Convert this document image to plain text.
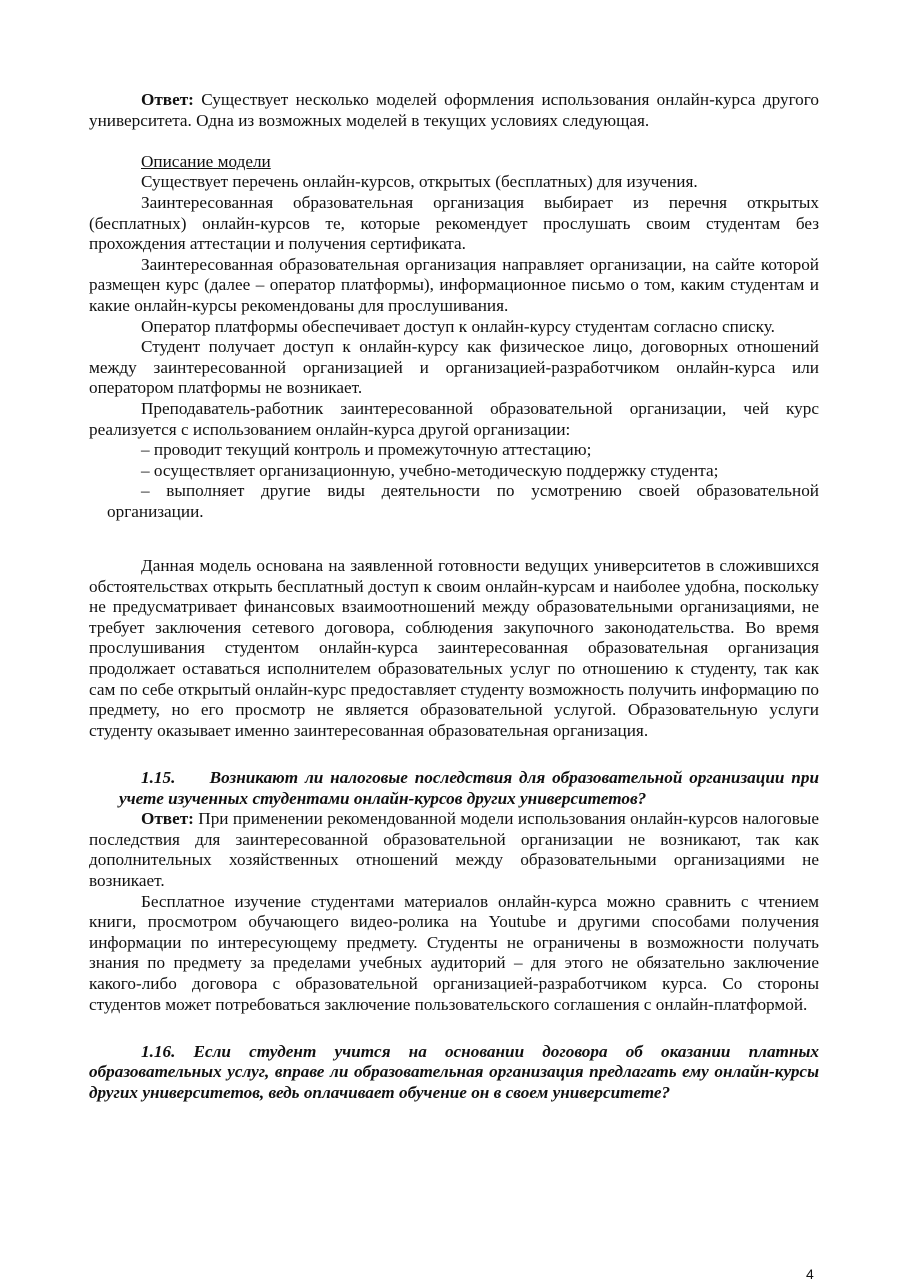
Ответ: Существует несколько моделей оформления использования онлайн-курса другого университета. Одна из возможных моделей в текущих условиях следующая.

Описание модели

Существует перечень онлайн-курсов, открытых (бесплатных) для изучения.

Заинтересованная образовательная организация выбирает из перечня открытых (бесплатных) онлайн-курсов те, которые рекомендует прослушать своим студентам без прохождения аттестации и получения сертификата.

Заинтересованная образовательная организация направляет организации, на сайте которой размещен курс (далее – оператор платформы), информационное письмо о том, каким студентам и какие онлайн-курсы рекомендованы для прослушивания.

Оператор платформы обеспечивает доступ к онлайн-курсу студентам согласно списку.

Студент получает доступ к онлайн-курсу как физическое лицо, договорных отношений между заинтересованной организацией и организацией-разработчиком онлайн-курса или оператором платформы не возникает.

Преподаватель-работник заинтересованной образовательной организации, чей курс реализуется с использованием онлайн-курса другой организации:

– проводит текущий контроль и промежуточную аттестацию;

– осуществляет организационную, учебно-методическую поддержку студента;

– выполняет другие виды деятельности по усмотрению своей образовательной организации.

Данная модель основана на заявленной готовности ведущих университетов в сложившихся обстоятельствах открыть бесплатный доступ к своим онлайн-курсам и наиболее удобна, поскольку не предусматривает финансовых взаимоотношений между образовательными организациями, не требует заключения сетевого договора, соблюдения закупочного законодательства. Во время прослушивания студентом онлайн-курса заинтересованная образовательная организация продолжает оставаться исполнителем образовательных услуг по отношению к студенту, так как сам по себе открытый онлайн-курс предоставляет студенту возможность получить информацию по предмету, но его просмотр не является образовательной услугой. Образовательную услуги студенту оказывает именно заинтересованная образовательная организация.

1.15. Возникают ли налоговые последствия для образовательной организации при учете изученных студентами онлайн-курсов других университетов?

Ответ: При применении рекомендованной модели использования онлайн-курсов налоговые последствия для заинтересованной образовательной организации не возникают, так как дополнительных хозяйственных отношений между образовательными организациями не возникает.

Бесплатное изучение студентами материалов онлайн-курса можно сравнить с чтением книги, просмотром обучающего видео-ролика на Youtube и другими способами получения информации по интересующему предмету. Студенты не ограничены в возможности получать знания по предмету за пределами учебных аудиторий – для этого не обязательно заключение какого-либо договора с образовательной организацией-разработчиком курса. Со стороны студентов может потребоваться заключение пользовательского соглашения с онлайн-платформой.

1.16. Если студент учится на основании договора об оказании платных образовательных услуг, вправе ли образовательная организация предлагать ему онлайн-курсы других университетов, ведь оплачивает обучение он в своем университете?

4
